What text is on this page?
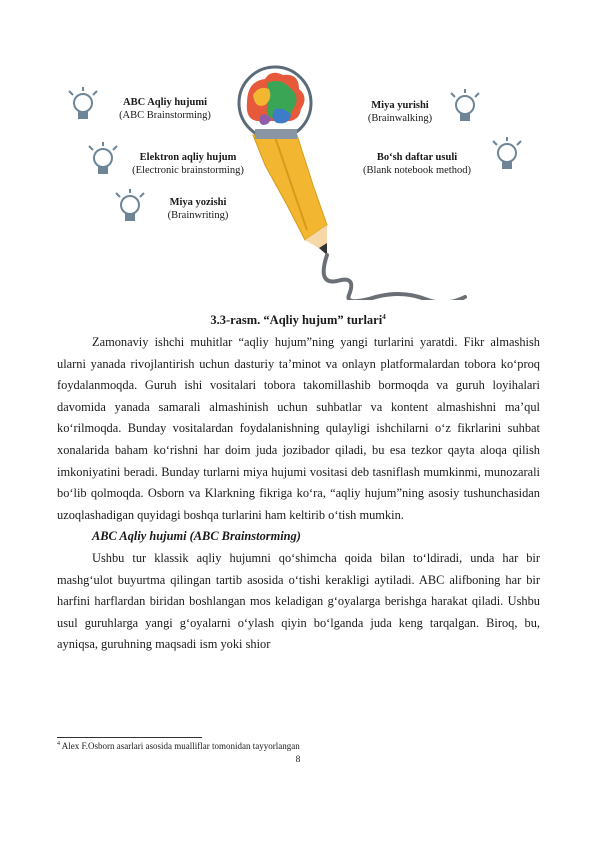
ABC Aqliy hujumi
(ABC Brainstorming)
Elektron aqliy hujum
(Electronic brainstorming)
Miya yozishi
(Brainwriting)
Miya yurishi
(Brainwalking)
Bo‘sh daftar usuli
(Blank notebook method)
3.3-rasm. “Aqliy hujum” turlari$^4$

Zamonaviy ishchi muhitlar “aqliy hujum”ning yangi turlarini yaratdi. Fikr almashish ularni yanada rivojlantirish uchun dasturiy ta’minot va onlayn platformalardan tobora ko‘proq foydalanmoqda. Guruh ishi vositalari tobora takomillashib bormoqda va guruh loyihalari davomida yanada samarali almashinish uchun suhbatlar va kontent almashishni ma’qul ko‘rilmoqda. Bunday vositalardan foydalanishning qulayligi ishchilarni o‘z fikrlarini suhbat xonalarida baham ko‘rishni har doim juda jozibador qiladi, bu esa tezkor qayta aloqa qilish imkoniyatini beradi. Bunday turlarni miya hujumi vositasi deb tasniflash mumkinmi, munozarali bo‘lib qolmoqda. Osborn va Klarkning fikriga ko‘ra, “aqliy hujum”ning asosiy tushunchasidan uzoqlashadigan quyidagi boshqa turlarini ham keltirib o‘tish mumkin.

ABC Aqliy hujumi (ABC Brainstorming)

Ushbu tur klassik aqliy hujumni qo‘shimcha qoida bilan to‘ldiradi, unda har bir mashg‘ulot buyurtma qilingan tartib asosida o‘tishi kerakligi aytiladi. ABC alifboning har bir harfini harflardan biridan boshlangan mos keladigan g‘oyalarga berishga harakat qiladi. Ushbu usul guruhlarga yangi g‘oyalarni o‘ylash qiyin bo‘lganda juda keng tarqalgan. Biroq, bu, ayniqsa, guruhning maqsadi ism yoki shior

$^4$ Alex F.Osborn asarlari asosida mualliflar tomonidan tayyorlangan
8
